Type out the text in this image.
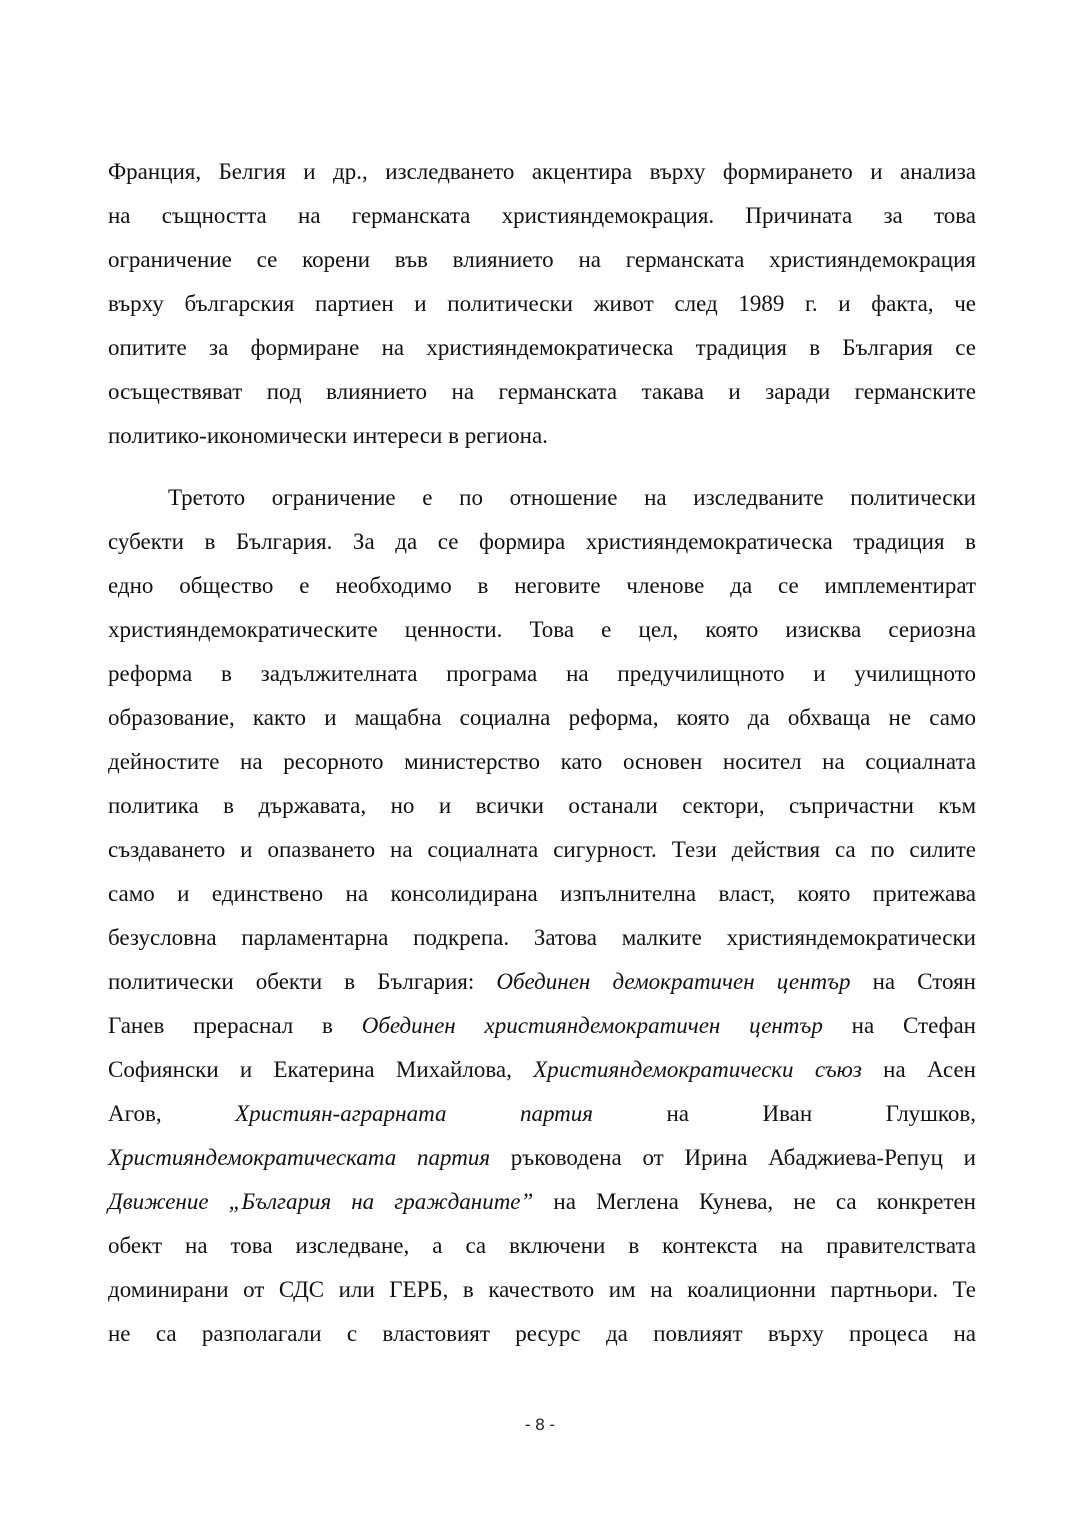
Франция, Белгия и др., изследването акцентира върху формирането и анализа
на същността на германската християндемокрация. Причината за това
ограничение се корени във влиянието на германската християндемокрация
върху българския партиен и политически живот след 1989 г. и факта, че
опитите за формиране на християндемократическа традиция в България се
осъществяват под влиянието на германската такава и заради германските
политико-икономически интереси в региона.
Третото ограничение е по отношение на изследваните политически
субекти в България. За да се формира християндемократическа традиция в
едно общество е необходимо в неговите членове да се имплементират
християндемократическите ценности. Това е цел, която изисква сериозна
реформа в задължителната програма на предучилищното и училищното
образование, както и мащабна социална реформа, която да обхваща не само
дейностите на ресорното министерство като основен носител на социалната
политика в държавата, но и всички останали сектори, съпричастни към
създаването и опазването на социалната сигурност. Тези действия са по силите
само и единствено на консолидирана изпълнителна власт, която притежава
безусловна парламентарна подкрепа. Затова малките християндемократически
политически обекти в България: Обединен демократичен център на Стоян
Ганев прераснал в Обединен християндемократичен център на Стефан
Софиянски и Екатерина Михайлова, Християндемократически съюз на Асен
Агов, Християн-аграрната партия на Иван Глушков,
Християндемократическата партия ръководена от Ирина Абаджиева-Репуц и
Движение „България на гражданите” на Меглена Кунева, не са конкретен
обект на това изследване, а са включени в контекста на правителствата
доминирани от СДС или ГЕРБ, в качеството им на коалиционни партньори. Те
не са разполагали с властовият ресурс да повлияят върху процеса на
- 8 -
